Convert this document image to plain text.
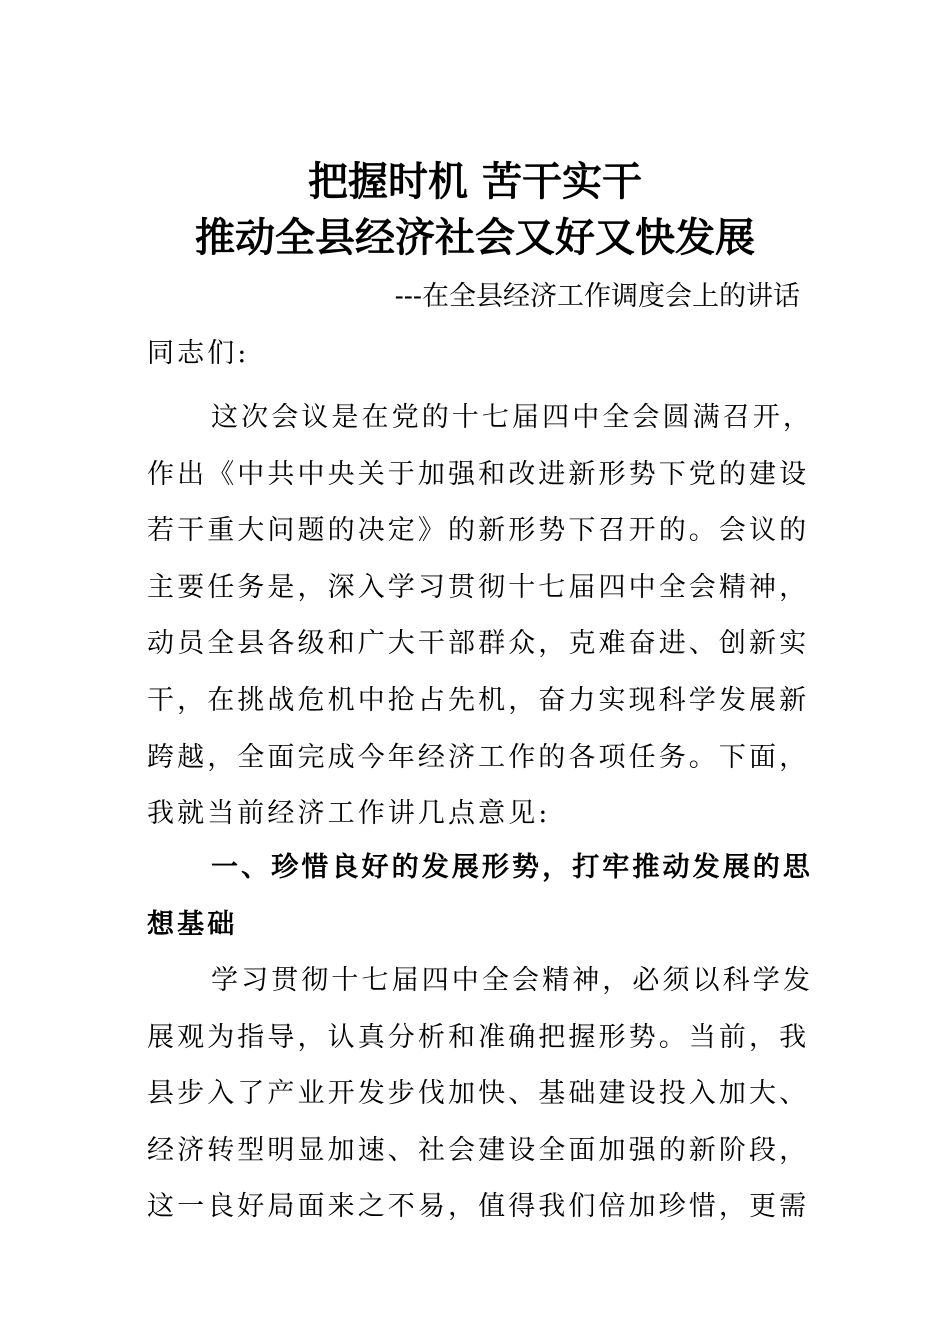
把握时机 苦干实干
推动全县经济社会又好又快发展
---在全县经济工作调度会上的讲话
同志们:
这次会议是在党的十七届四中全会圆满召开，
作出《中共中央关于加强和改进新形势下党的建设
若干重大问题的决定》的新形势下召开的。会议的
主要任务是，深入学习贯彻十七届四中全会精神，
动员全县各级和广大干部群众，克难奋进、创新实
干，在挑战危机中抢占先机，奋力实现科学发展新
跨越，全面完成今年经济工作的各项任务。下面，
我就当前经济工作讲几点意见:
一、珍惜良好的发展形势，打牢推动发展的思
想基础
学习贯彻十七届四中全会精神，必须以科学发
展观为指导，认真分析和准确把握形势。当前，我
县步入了产业开发步伐加快、基础建设投入加大、
经济转型明显加速、社会建设全面加强的新阶段，
这一良好局面来之不易，值得我们倍加珍惜，更需
